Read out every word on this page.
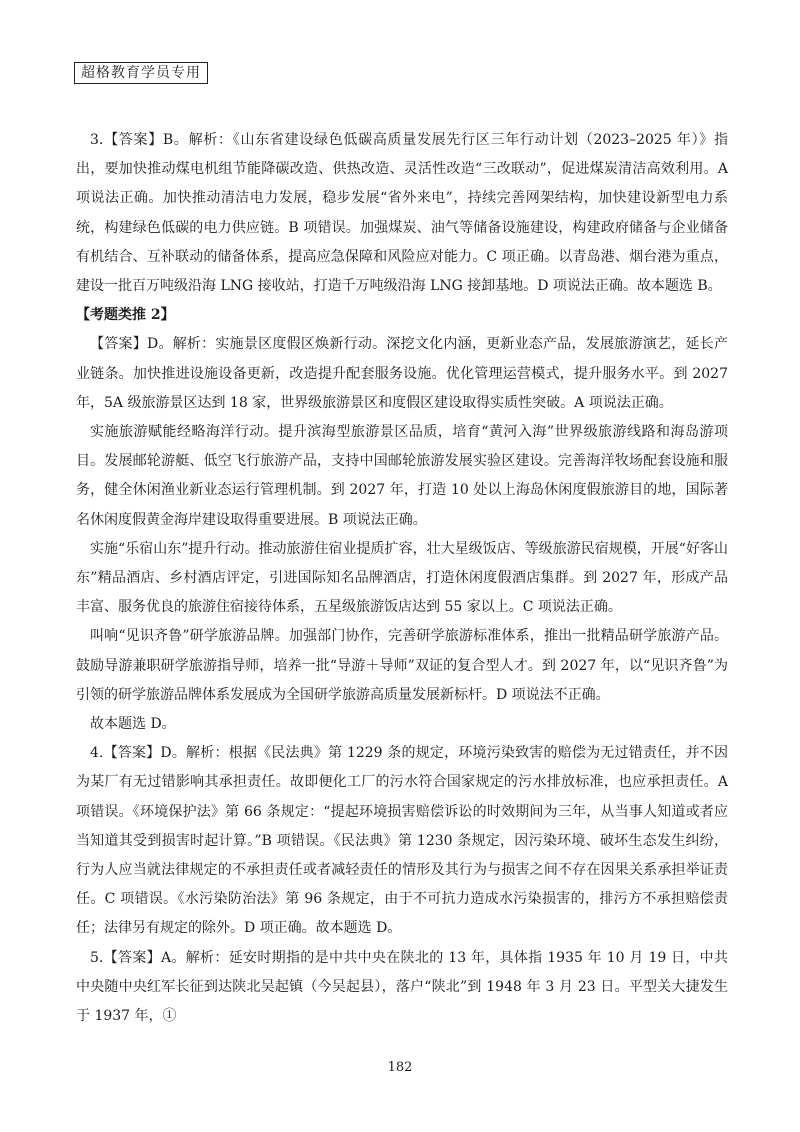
超格教育学员专用

3.【答案】B。解析：《山东省建设绿色低碳高质量发展先行区三年行动计划（2023–2025 年）》指出，要加快推动煤电机组节能降碳改造、供热改造、灵活性改造“三改联动”，促进煤炭清洁高效利用。A 项说法正确。加快推动清洁电力发展，稳步发展“省外来电”，持续完善网架结构，加快建设新型电力系统，构建绿色低碳的电力供应链。B 项错误。加强煤炭、油气等储备设施建设，构建政府储备与企业储备有机结合、互补联动的储备体系，提高应急保障和风险应对能力。C 项正确。以青岛港、烟台港为重点，建设一批百万吨级沿海 LNG 接收站，打造千万吨级沿海 LNG 接卸基地。D 项说法正确。故本题选 B。

【考题类推 2】

【答案】D。解析：实施景区度假区焕新行动。深挖文化内涵，更新业态产品，发展旅游演艺，延长产业链条。加快推进设施设备更新，改造提升配套服务设施。优化管理运营模式，提升服务水平。到 2027 年，5A 级旅游景区达到 18 家，世界级旅游景区和度假区建设取得实质性突破。A 项说法正确。

实施旅游赋能经略海洋行动。提升滨海型旅游景区品质，培育“黄河入海”世界级旅游线路和海岛游项目。发展邮轮游艇、低空飞行旅游产品，支持中国邮轮旅游发展实验区建设。完善海洋牧场配套设施和服务，健全休闲渔业新业态运行管理机制。到 2027 年，打造 10 处以上海岛休闲度假旅游目的地，国际著名休闲度假黄金海岸建设取得重要进展。B 项说法正确。

实施“乐宿山东”提升行动。推动旅游住宿业提质扩容，壮大星级饭店、等级旅游民宿规模，开展“好客山东”精品酒店、乡村酒店评定，引进国际知名品牌酒店，打造休闲度假酒店集群。到 2027 年，形成产品丰富、服务优良的旅游住宿接待体系，五星级旅游饭店达到 55 家以上。C 项说法正确。

叫响“见识齐鲁”研学旅游品牌。加强部门协作，完善研学旅游标准体系，推出一批精品研学旅游产品。鼓励导游兼职研学旅游指导师，培养一批“导游＋导师”双证的复合型人才。到 2027 年，以“见识齐鲁”为引领的研学旅游品牌体系发展成为全国研学旅游高质量发展新标杆。D 项说法不正确。

故本题选 D。

4.【答案】D。解析：根据《民法典》第 1229 条的规定，环境污染致害的赔偿为无过错责任，并不因为某厂有无过错影响其承担责任。故即便化工厂的污水符合国家规定的污水排放标准，也应承担责任。A 项错误。《环境保护法》第 66 条规定：“提起环境损害赔偿诉讼的时效期间为三年，从当事人知道或者应当知道其受到损害时起计算。”B 项错误。《民法典》第 1230 条规定，因污染环境、破坏生态发生纠纷，行为人应当就法律规定的不承担责任或者减轻责任的情形及其行为与损害之间不存在因果关系承担举证责任。C 项错误。《水污染防治法》第 96 条规定，由于不可抗力造成水污染损害的，排污方不承担赔偿责任；法律另有规定的除外。D 项正确。故本题选 D。

5.【答案】A。解析：延安时期指的是中共中央在陕北的 13 年，具体指 1935 年 10 月 19 日，中共中央随中央红军长征到达陕北吴起镇（今吴起县），落户“陕北”到 1948 年 3 月 23 日。平型关大捷发生于 1937 年，①

182
